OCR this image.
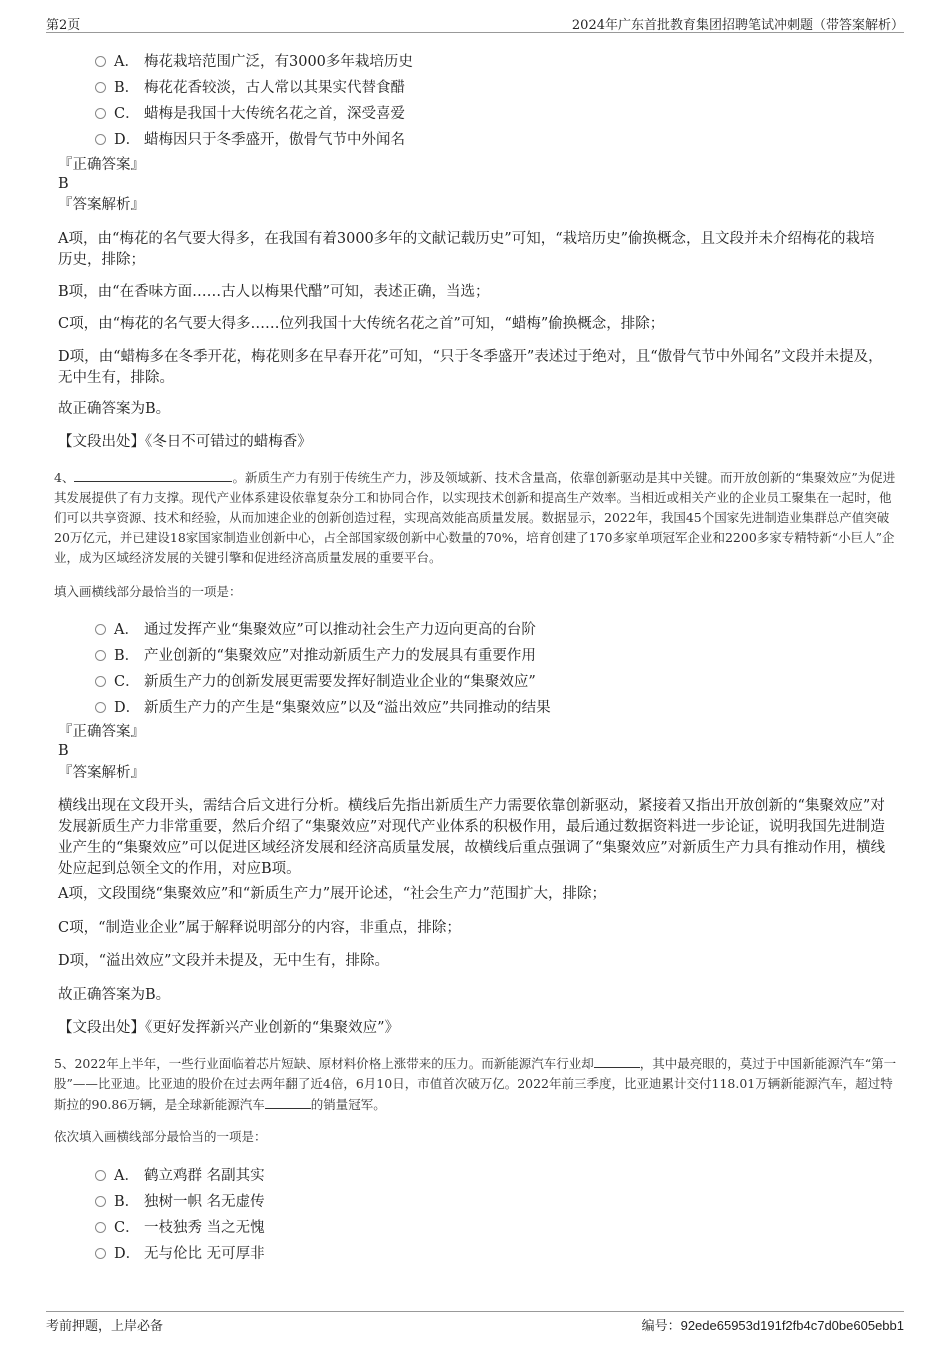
第2页	2024年广东首批教育集团招聘笔试冲刺题（带答案解析）
A． 梅花栽培范围广泛，有3000多年栽培历史
B． 梅花花香较淡，古人常以其果实代替食醋
C． 蜡梅是我国十大传统名花之首，深受喜爱
D． 蜡梅因只于冬季盛开，傲骨气节中外闻名
『正确答案』
B
『答案解析』
A项，由“梅花的名气要大得多，在我国有着3000多年的文献记载历史”可知，“栽培历史”偷换概念，且文段并未介绍梅花的栽培历史，排除；
B项，由“在香味方面……古人以梅果代醋”可知，表述正确，当选；
C项，由“梅花的名气要大得多……位列我国十大传统名花之首”可知，“蜡梅”偷换概念，排除；
D项，由“蜡梅多在冬季开花，梅花则多在早春开花”可知，“只于冬季盛开”表述过于绝对，且“傲骨气节中外闻名”文段并未提及，无中生有，排除。
故正确答案为B。
【文段出处】《冬日不可错过的蜡梅香》
4、	。新质生产力有别于传统生产力，涉及领域新、技术含量高，依靠创新驱动是其中关键。而开放创新的“集聚效应”为促进其发展提供了有力支撑。现代产业体系建设依靠复杂分工和协同合作，以实现技术创新和提高生产效率。当相近或相关产业的企业员工聚集在一起时，他们可以共享资源、技术和经验，从而加速企业的创新创造过程，实现高效能高质量发展。数据显示，2022年，我国45个国家先进制造业集群总产值突破20万亿元，并已建设18家国家制造业创新中心，占全部国家级创新中心数量的70%，培育创建了170多家单项冠军企业和2200多家专精特新“小巨人”企业，成为区域经济发展的关键引擎和促进经济高质量发展的重要平台。
填入画横线部分最恰当的一项是：
A． 通过发挥产业“集聚效应”可以推动社会生产力迈向更高的台阶
B． 产业创新的“集聚效应”对推动新质生产力的发展具有重要作用
C． 新质生产力的创新发展更需要发挥好制造业企业的“集聚效应”
D． 新质生产力的产生是“集聚效应”以及“溢出效应”共同推动的结果
『正确答案』
B
『答案解析』
横线出现在文段开头，需结合后文进行分析。横线后先指出新质生产力需要依靠创新驱动，紧接着又指出开放创新的“集聚效应”对发展新质生产力非常重要，然后介绍了“集聚效应”对现代产业体系的积极作用，最后通过数据资料进一步论证，说明我国先进制造业产生的“集聚效应”可以促进区域经济发展和经济高质量发展，故横线后重点强调了“集聚效应”对新质生产力具有推动作用，横线处应起到总领全文的作用，对应B项。
A项，文段围绕“集聚效应”和“新质生产力”展开论述，“社会生产力”范围扩大，排除；
C项，“制造业企业”属于解释说明部分的内容，非重点，排除；
D项，“溢出效应”文段并未提及，无中生有，排除。
故正确答案为B。
【文段出处】《更好发挥新兴产业创新的“集聚效应”》
5、2022年上半年，一些行业面临着芯片短缺、原材料价格上涨带来的压力。而新能源汽车行业却	，其中最亮眼的，莫过于中国新能源汽车“第一股”——比亚迪。比亚迪的股价在过去两年翻了近4倍，6月10日，市值首次破万亿。2022年前三季度，比亚迪累计交付118.01万辆新能源汽车，超过特斯拉的90.86万辆，是全球新能源汽车	的销量冠军。
依次填入画横线部分最恰当的一项是：
A． 鹤立鸡群 名副其实
B． 独树一帜 名无虚传
C． 一枝独秀 当之无愧
D． 无与伦比 无可厚非
考前押题，上岸必备	编号：92ede65953d191f2fb4c7d0be605ebb1
